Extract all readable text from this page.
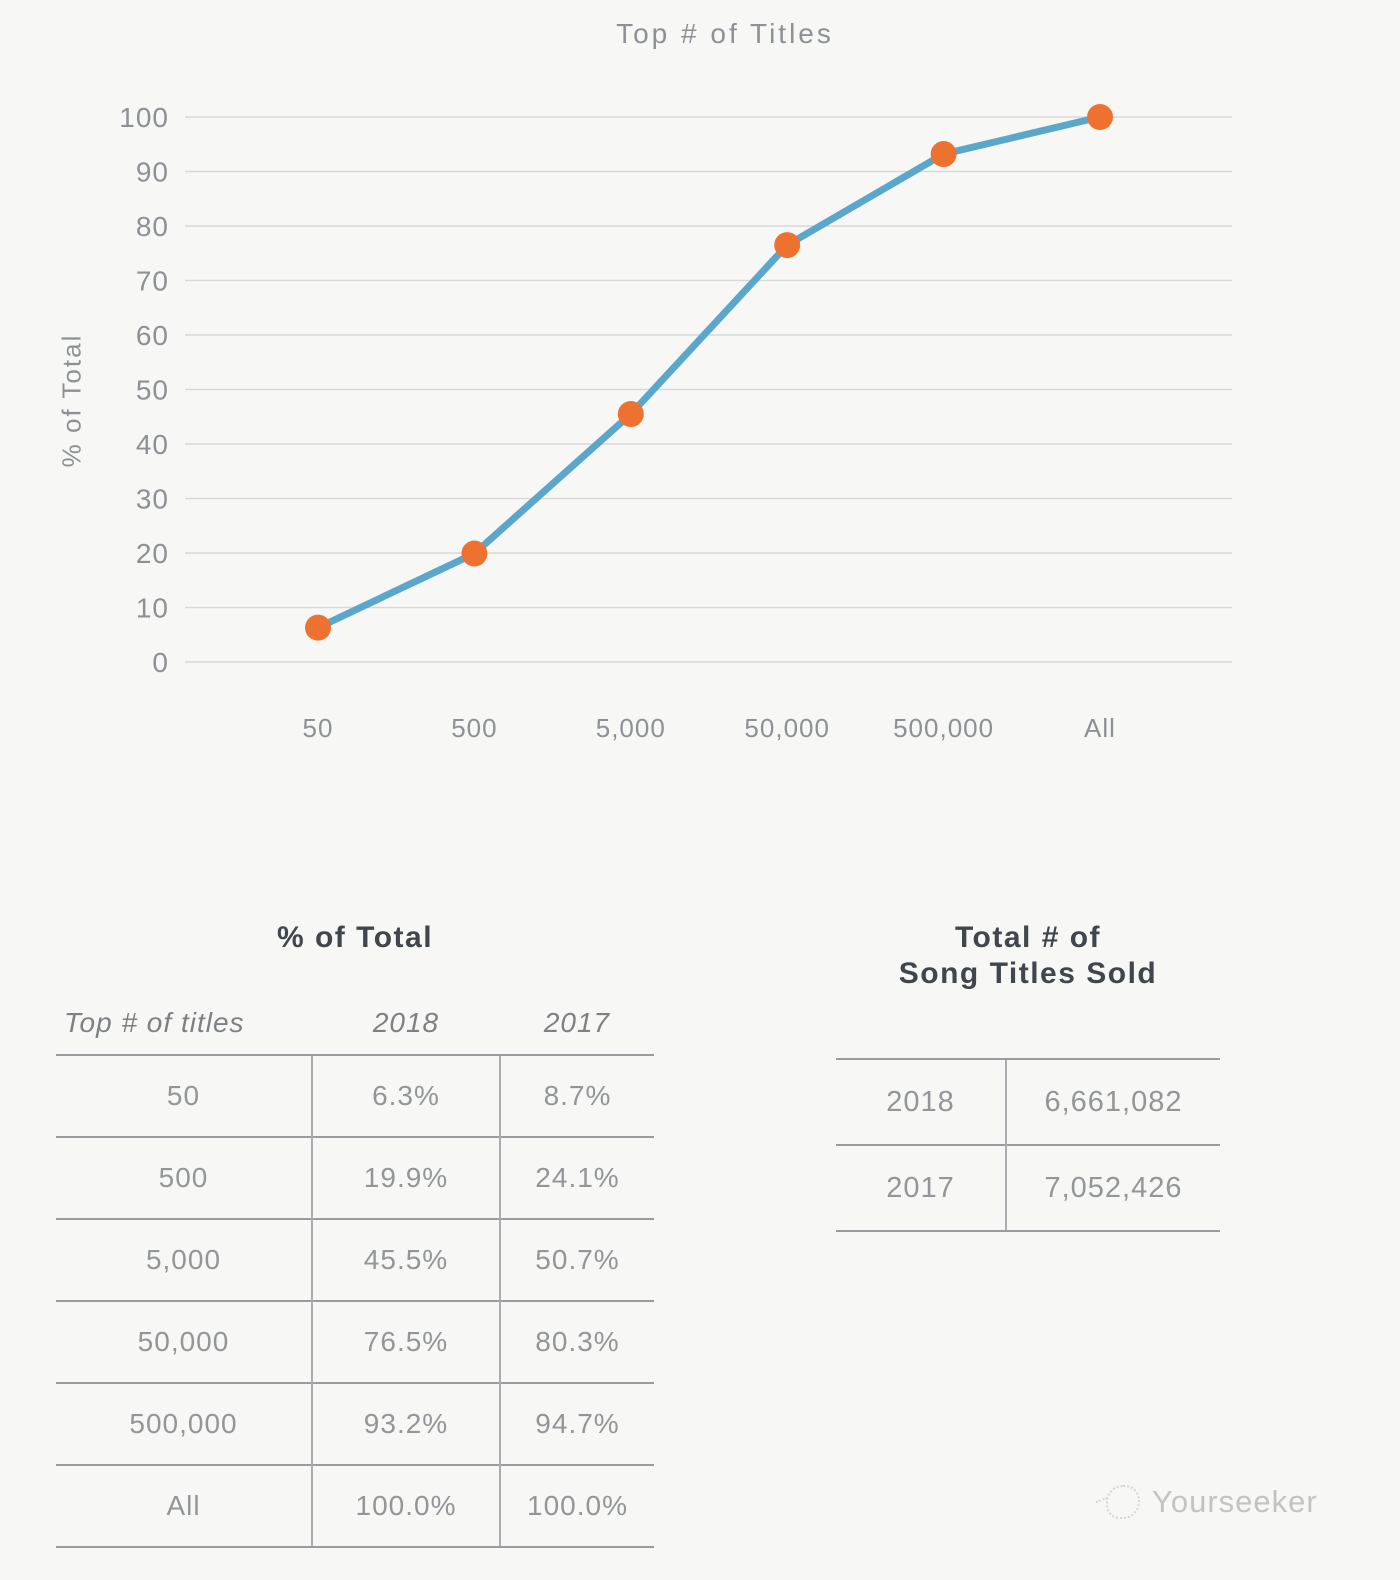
Top # of Titles
% of Total
0
10
20
30
40
50
60
70
80
90
100
50	500	5,000	50,000 500,000	All
% of Total
Top # of titles	2018	2017
50	6.3%	8.7%
500	19.9%	24.1%
5,000	45.5%	50.7%
50,000	76.5%	80.3%
500,000	93.2%	94.7%
All	100.0%	100.0%
Total # of
Song Titles Sold
2018	6,661,082
2017	7,052,426
Yourseeker
